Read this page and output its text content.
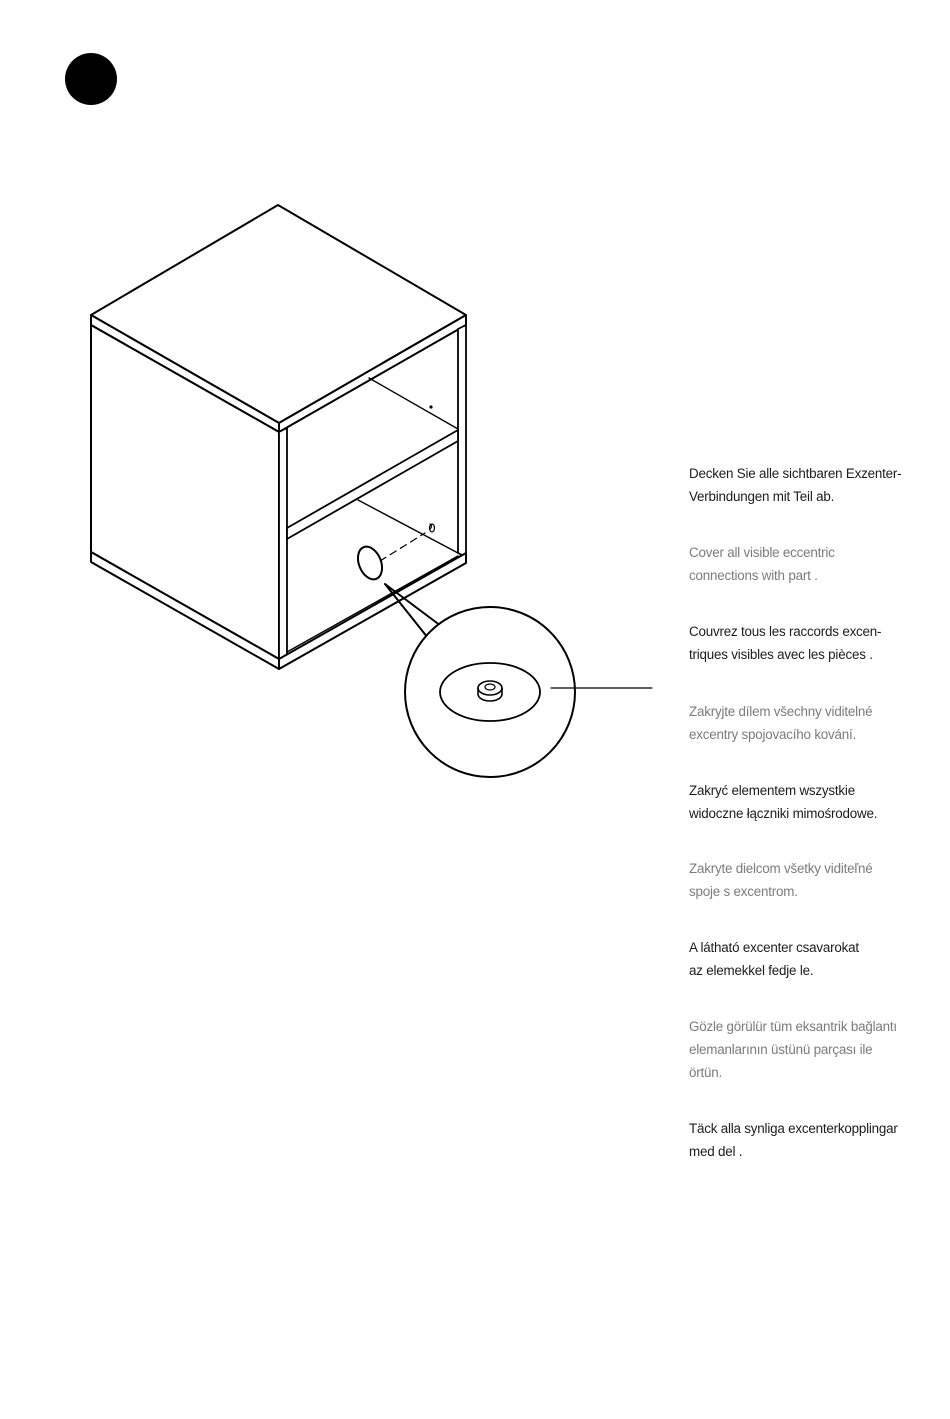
Decken Sie alle sichtbaren Exzenter-
Verbindungen mit Teil ab.

Cover all visible eccentric
connections with part .

Couvrez tous les raccords excen-
triques visibles avec les pièces .

Zakryjte dílem všechny viditelné
excentry spojovacího kování.

Zakryć elementem wszystkie
widoczne łączniki mimośrodowe.

Zakryte dielcom všetky viditeľné
spoje s excentrom.

A látható excenter csavarokat
az elemekkel fedje le.

Gözle görülür tüm eksantrik bağlantı
elemanlarının üstünü parçası ile
örtün.

Täck alla synliga excenterkopplingar
med del .
